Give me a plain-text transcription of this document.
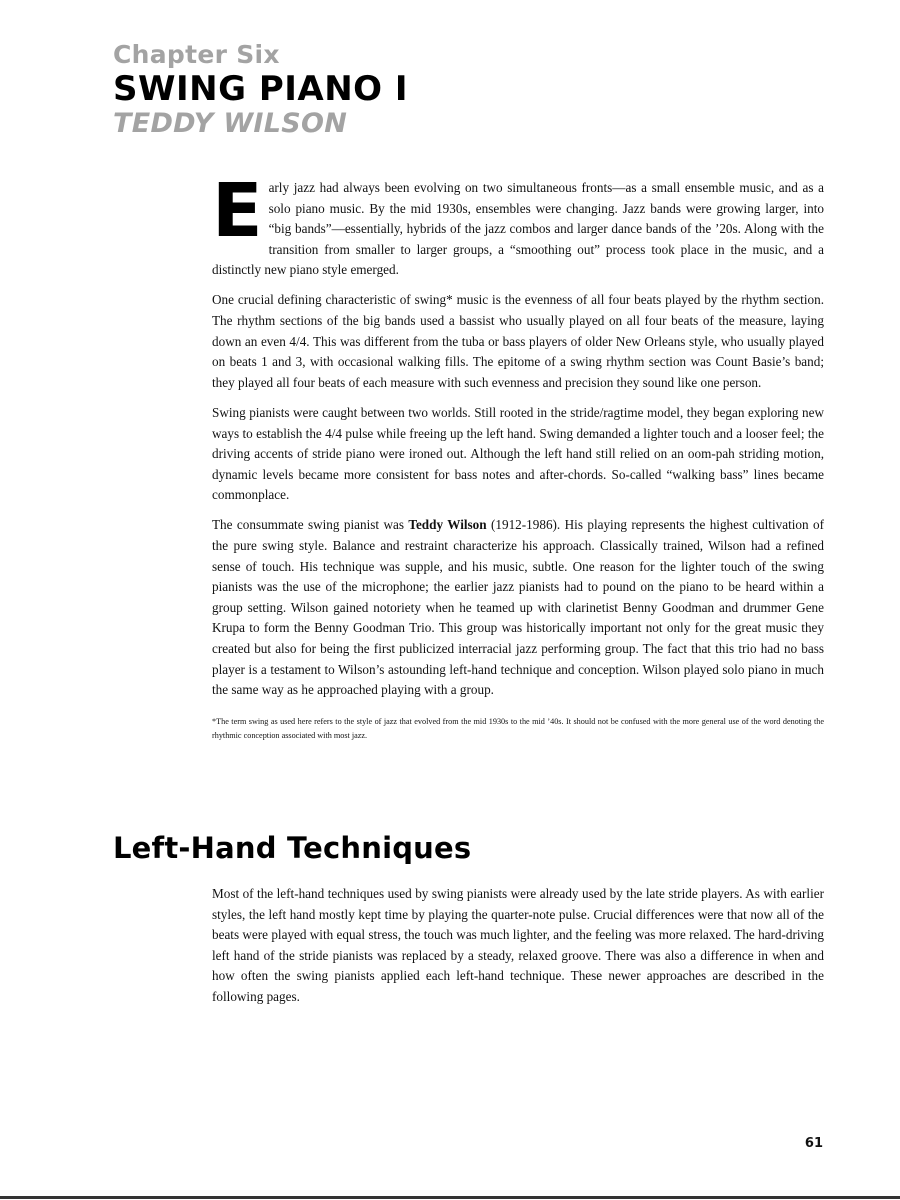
Chapter Six
SWING PIANO I
TEDDY WILSON

Early jazz had always been evolving on two simultaneous fronts—as a small ensemble music, and as a solo piano music. By the mid 1930s, ensembles were changing. Jazz bands were growing larger, into “big bands”—essentially, hybrids of the jazz combos and larger dance bands of the ’20s. Along with the transition from smaller to larger groups, a “smoothing out” process took place in the music, and a distinctly new piano style emerged.

One crucial defining characteristic of swing* music is the evenness of all four beats played by the rhythm section. The rhythm sections of the big bands used a bassist who usually played on all four beats of the measure, laying down an even 4/4. This was different from the tuba or bass players of older New Orleans style, who usually played on beats 1 and 3, with occasional walking fills. The epitome of a swing rhythm section was Count Basie’s band; they played all four beats of each measure with such evenness and precision they sound like one person.

Swing pianists were caught between two worlds. Still rooted in the stride/ragtime model, they began exploring new ways to establish the 4/4 pulse while freeing up the left hand. Swing demanded a lighter touch and a looser feel; the driving accents of stride piano were ironed out. Although the left hand still relied on an oom-pah striding motion, dynamic levels became more consistent for bass notes and after-chords. So-called “walking bass” lines became commonplace.

The consummate swing pianist was Teddy Wilson (1912-1986). His playing represents the highest cultivation of the pure swing style. Balance and restraint characterize his approach. Classically trained, Wilson had a refined sense of touch. His technique was supple, and his music, subtle. One reason for the lighter touch of the swing pianists was the use of the microphone; the earlier jazz pianists had to pound on the piano to be heard within a group setting. Wilson gained notoriety when he teamed up with clarinetist Benny Goodman and drummer Gene Krupa to form the Benny Goodman Trio. This group was historically important not only for the great music they created but also for being the first publicized interracial jazz performing group. The fact that this trio had no bass player is a testament to Wilson’s astounding left-hand technique and conception. Wilson played solo piano in much the same way as he approached playing with a group.

*The term swing as used here refers to the style of jazz that evolved from the mid 1930s to the mid ’40s. It should not be confused with the more general use of the word denoting the rhythmic conception associated with most jazz.

Left-Hand Techniques

Most of the left-hand techniques used by swing pianists were already used by the late stride players. As with earlier styles, the left hand mostly kept time by playing the quarter-note pulse. Crucial differences were that now all of the beats were played with equal stress, the touch was much lighter, and the feeling was more relaxed. The hard-driving left hand of the stride pianists was replaced by a steady, relaxed groove. There was also a difference in when and how often the swing pianists applied each left-hand technique. These newer approaches are described in the following pages.

61
